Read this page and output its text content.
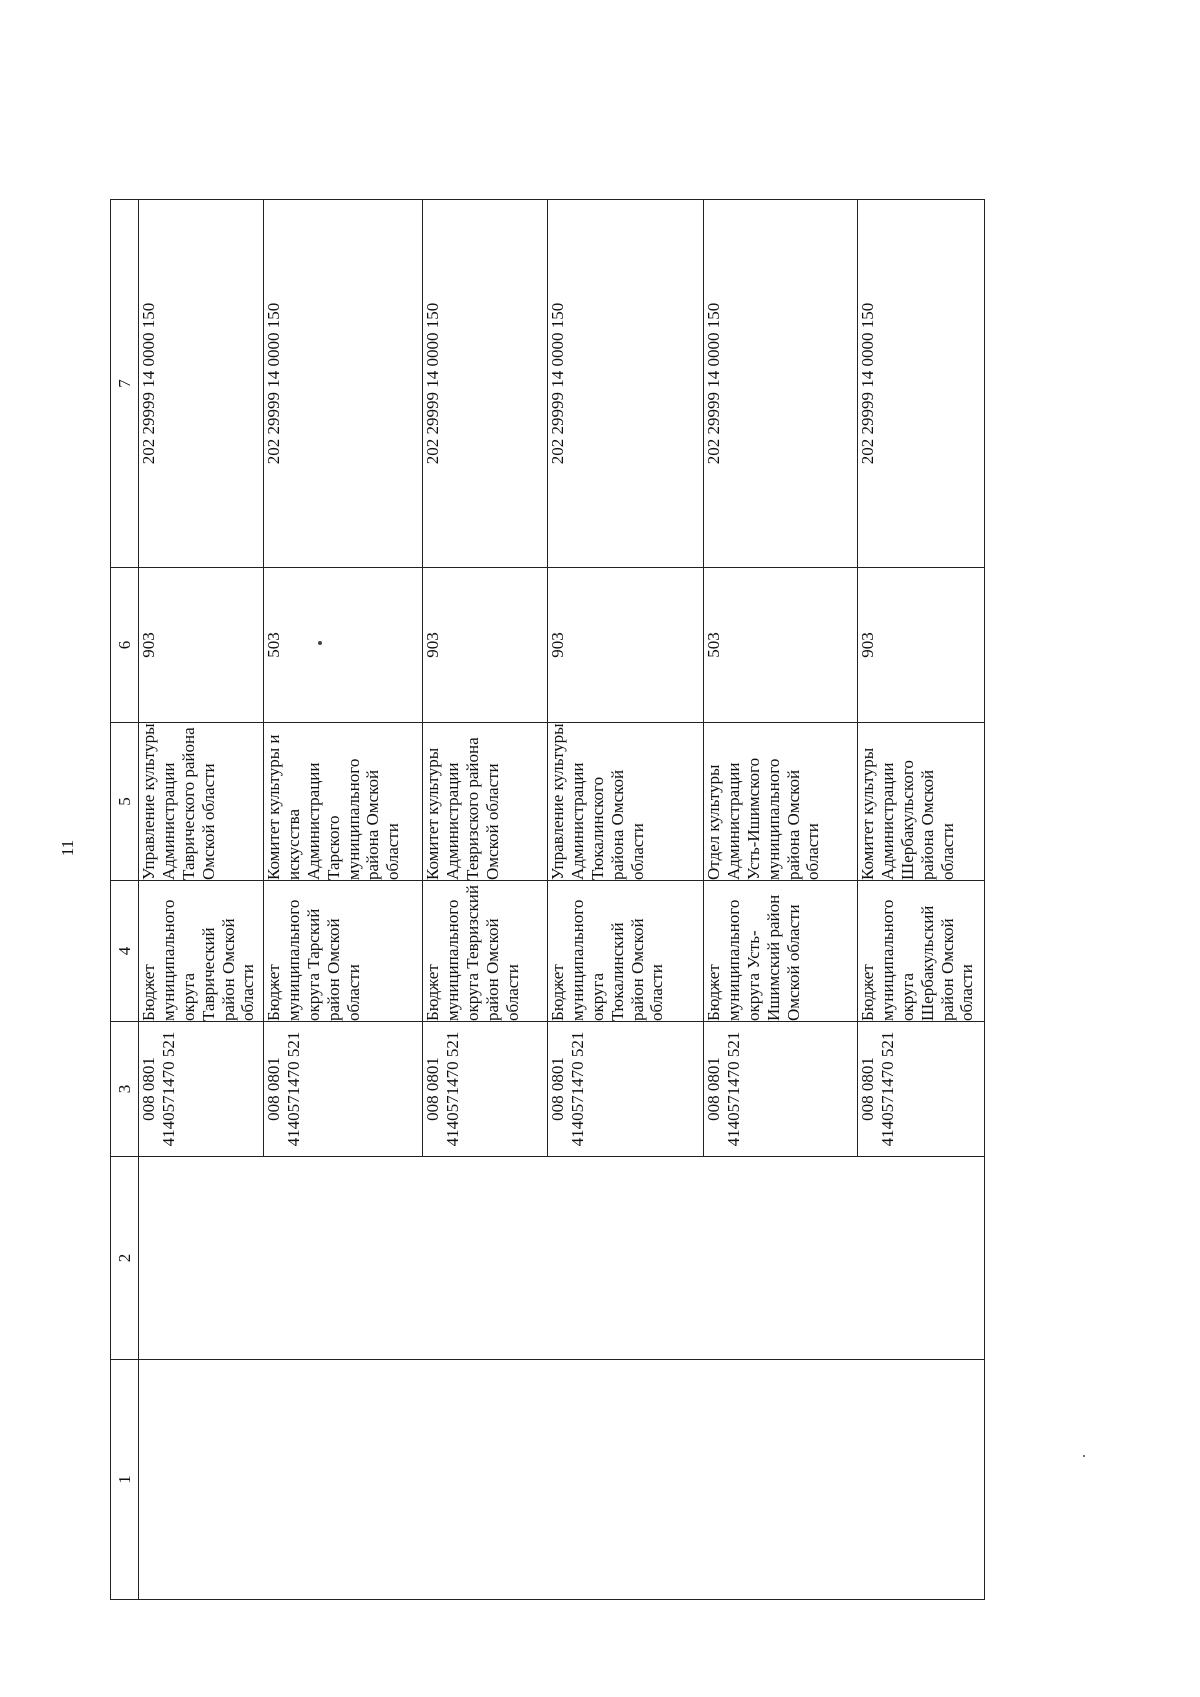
11
1	2	3	4	5	6	7

		008 0801 4140571470 521	Бюджет муниципального округа Таврический район Омской области	Управление культуры Администрации Таврического района Омской области	903	202 29999 14 0000 150

		008 0801 4140571470 521	Бюджет муниципального округа Тарский район Омской области	Комитет культуры и искусства Администрации Тарского муниципального района Омской области	503	202 29999 14 0000 150

		008 0801 4140571470 521	Бюджет муниципального округа Тевризский район Омской области	Комитет культуры Администрации Тевризского района Омской области	903	202 29999 14 0000 150

		008 0801 4140571470 521	Бюджет муниципального округа Тюкалинский район Омской области	Управление культуры Администрации Тюкалинского района Омской области	903	202 29999 14 0000 150

		008 0801 4140571470 521	Бюджет муниципального округа Усть-Ишимский район Омской области	Отдел культуры Администрации Усть-Ишимского муниципального района Омской области	503	202 29999 14 0000 150

		008 0801 4140571470 521	Бюджет муниципального округа Шербакульский район Омской области	Комитет культуры Администрации Шербакульского района Омской области	903	202 29999 14 0000 150
